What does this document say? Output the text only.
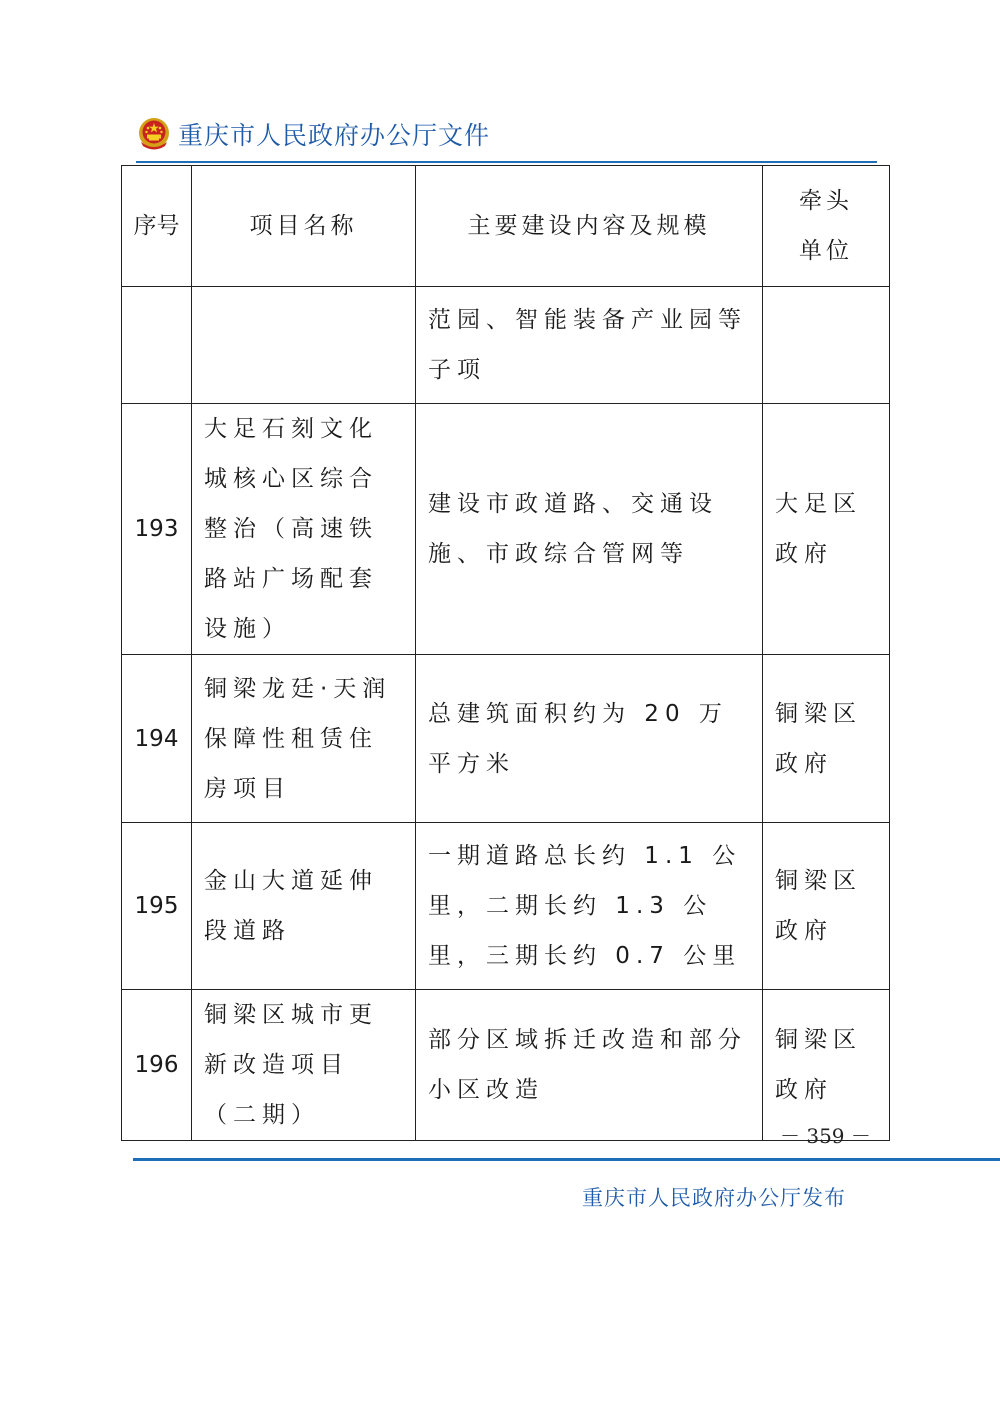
重庆市人民政府办公厅文件
序号	项目名称	主要建设内容及规模	牵头单位
		范园、智能装备产业园等子项	
193	大足石刻文化城核心区综合整治（高速铁路站广场配套设施）	建设市政道路、交通设施、市政综合管网等	大足区政府
194	铜梁龙廷·天润保障性租赁住房项目	总建筑面积约为 20 万平方米	铜梁区政府
195	金山大道延伸段道路	一期道路总长约 1.1 公里，二期长约 1.3 公里，三期长约 0.7 公里	铜梁区政府
196	铜梁区城市更新改造项目（二期）	部分区域拆迁改造和部分小区改造	铜梁区政府
－ 359 －
重庆市人民政府办公厅发布
